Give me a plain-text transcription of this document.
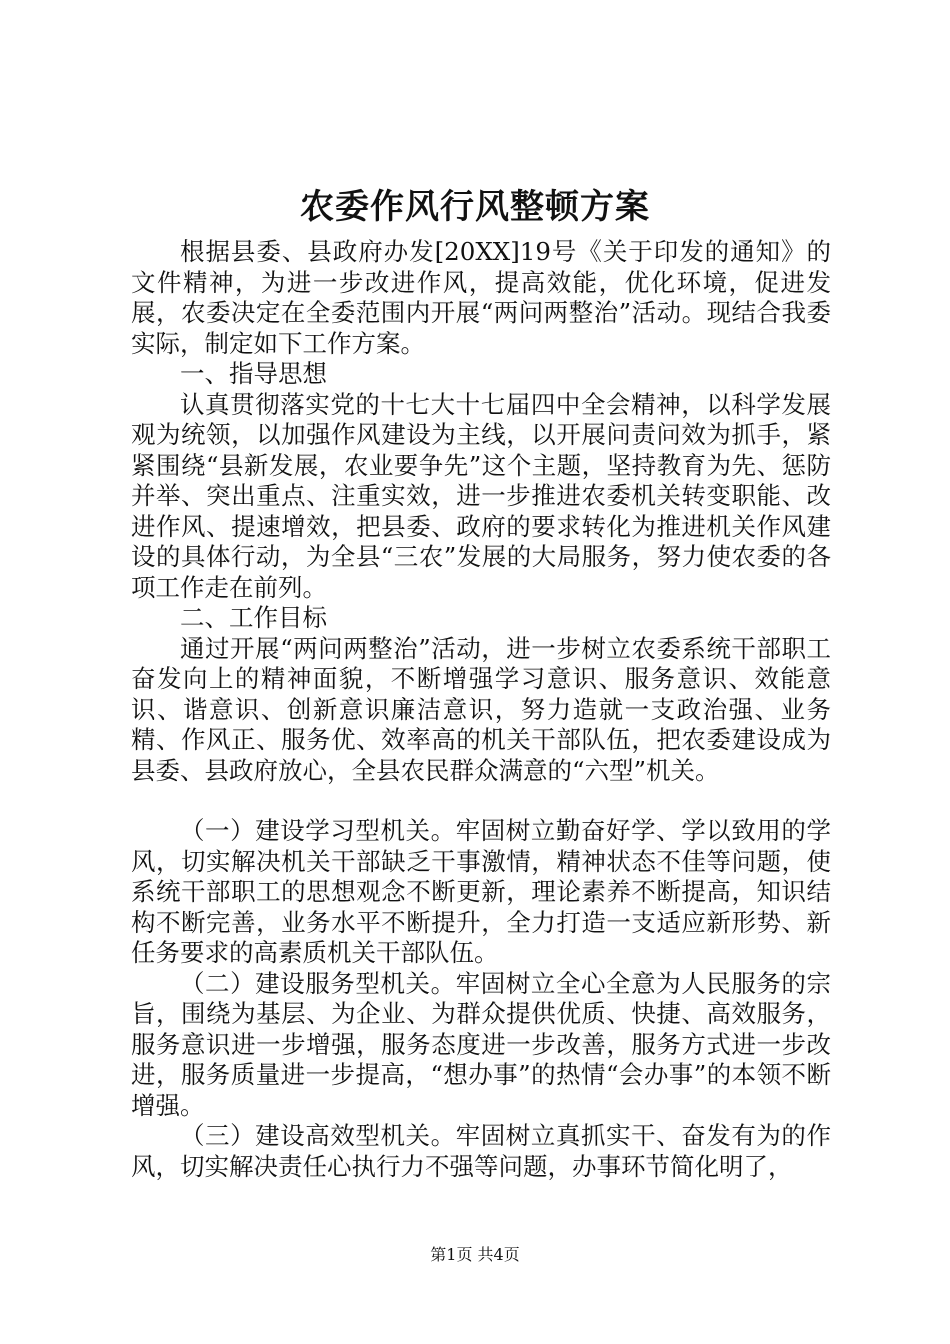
农委作风行风整顿方案

根据县委、县政府办发[20XX]19号《关于印发的通知》的文件精神，为进一步改进作风，提高效能，优化环境，促进发展，农委决定在全委范围内开展“两问两整治”活动。现结合我委实际，制定如下工作方案。

一、指导思想

认真贯彻落实党的十七大十七届四中全会精神，以科学发展观为统领，以加强作风建设为主线，以开展问责问效为抓手，紧紧围绕“县新发展，农业要争先”这个主题，坚持教育为先、惩防并举、突出重点、注重实效，进一步推进农委机关转变职能、改进作风、提速增效，把县委、政府的要求转化为推进机关作风建设的具体行动，为全县“三农”发展的大局服务，努力使农委的各项工作走在前列。

二、工作目标

通过开展“两问两整治”活动，进一步树立农委系统干部职工奋发向上的精神面貌，不断增强学习意识、服务意识、效能意识、谐意识、创新意识廉洁意识，努力造就一支政治强、业务精、作风正、服务优、效率高的机关干部队伍，把农委建设成为县委、县政府放心，全县农民群众满意的“六型”机关。

（一）建设学习型机关。牢固树立勤奋好学、学以致用的学风，切实解决机关干部缺乏干事激情，精神状态不佳等问题，使系统干部职工的思想观念不断更新，理论素养不断提高，知识结构不断完善，业务水平不断提升，全力打造一支适应新形势、新任务要求的高素质机关干部队伍。

（二）建设服务型机关。牢固树立全心全意为人民服务的宗旨，围绕为基层、为企业、为群众提供优质、快捷、高效服务，服务意识进一步增强，服务态度进一步改善，服务方式进一步改进，服务质量进一步提高，“想办事”的热情“会办事”的本领不断增强。

（三）建设高效型机关。牢固树立真抓实干、奋发有为的作风，切实解决责任心执行力不强等问题，办事环节简化明了，

第1页 共4页
